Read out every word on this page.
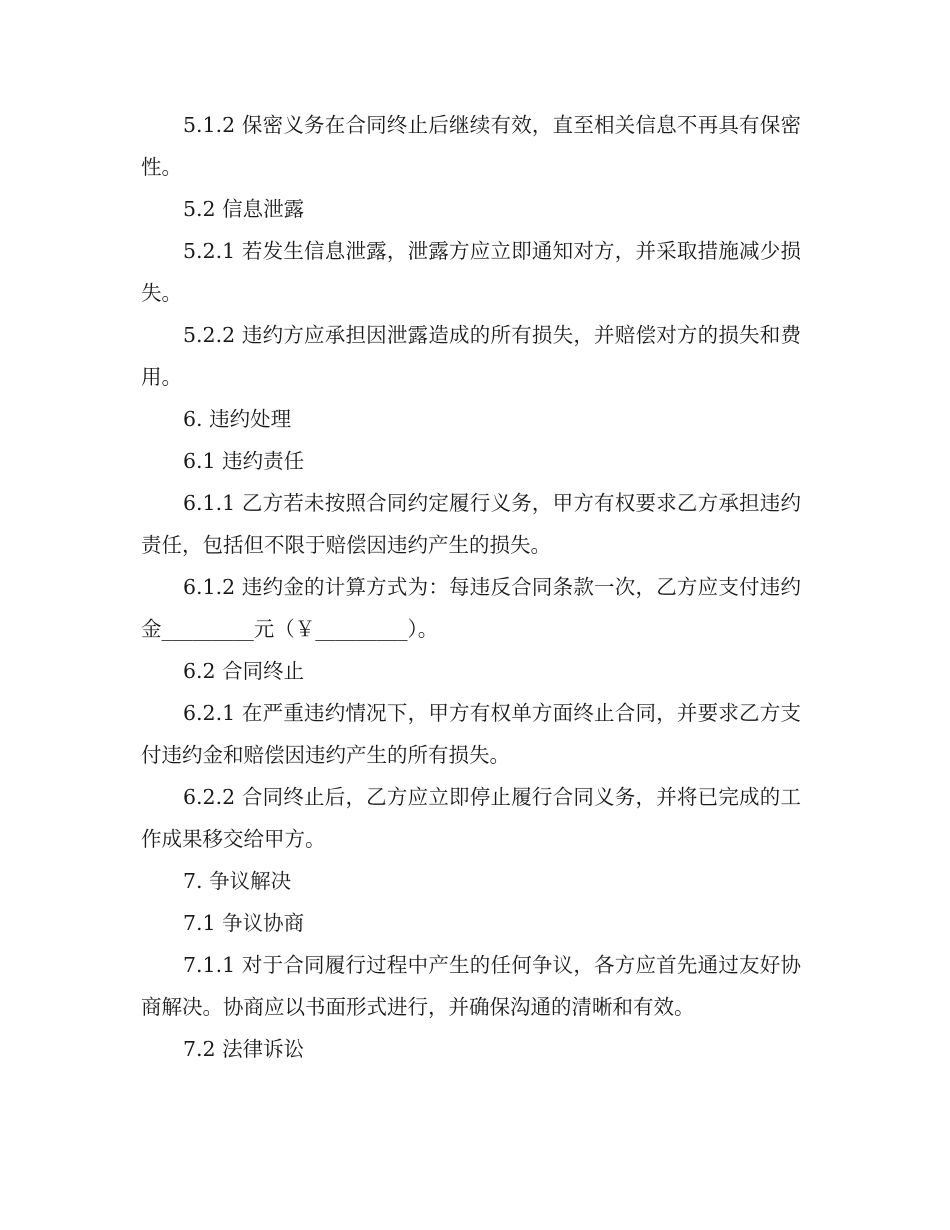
5.1.2 保密义务在合同终止后继续有效，直至相关信息不再具有保密性。

5.2 信息泄露

5.2.1 若发生信息泄露，泄露方应立即通知对方，并采取措施减少损失。

5.2.2 违约方应承担因泄露造成的所有损失，并赔偿对方的损失和费用。

6. 违约处理

6.1 违约责任

6.1.1 乙方若未按照合同约定履行义务，甲方有权要求乙方承担违约责任，包括但不限于赔偿因违约产生的损失。

6.1.2 违约金的计算方式为：每违反合同条款一次，乙方应支付违约金_________元（￥_________）。

6.2 合同终止

6.2.1 在严重违约情况下，甲方有权单方面终止合同，并要求乙方支付违约金和赔偿因违约产生的所有损失。

6.2.2 合同终止后，乙方应立即停止履行合同义务，并将已完成的工作成果移交给甲方。

7. 争议解决

7.1 争议协商

7.1.1 对于合同履行过程中产生的任何争议，各方应首先通过友好协商解决。协商应以书面形式进行，并确保沟通的清晰和有效。

7.2 法律诉讼
